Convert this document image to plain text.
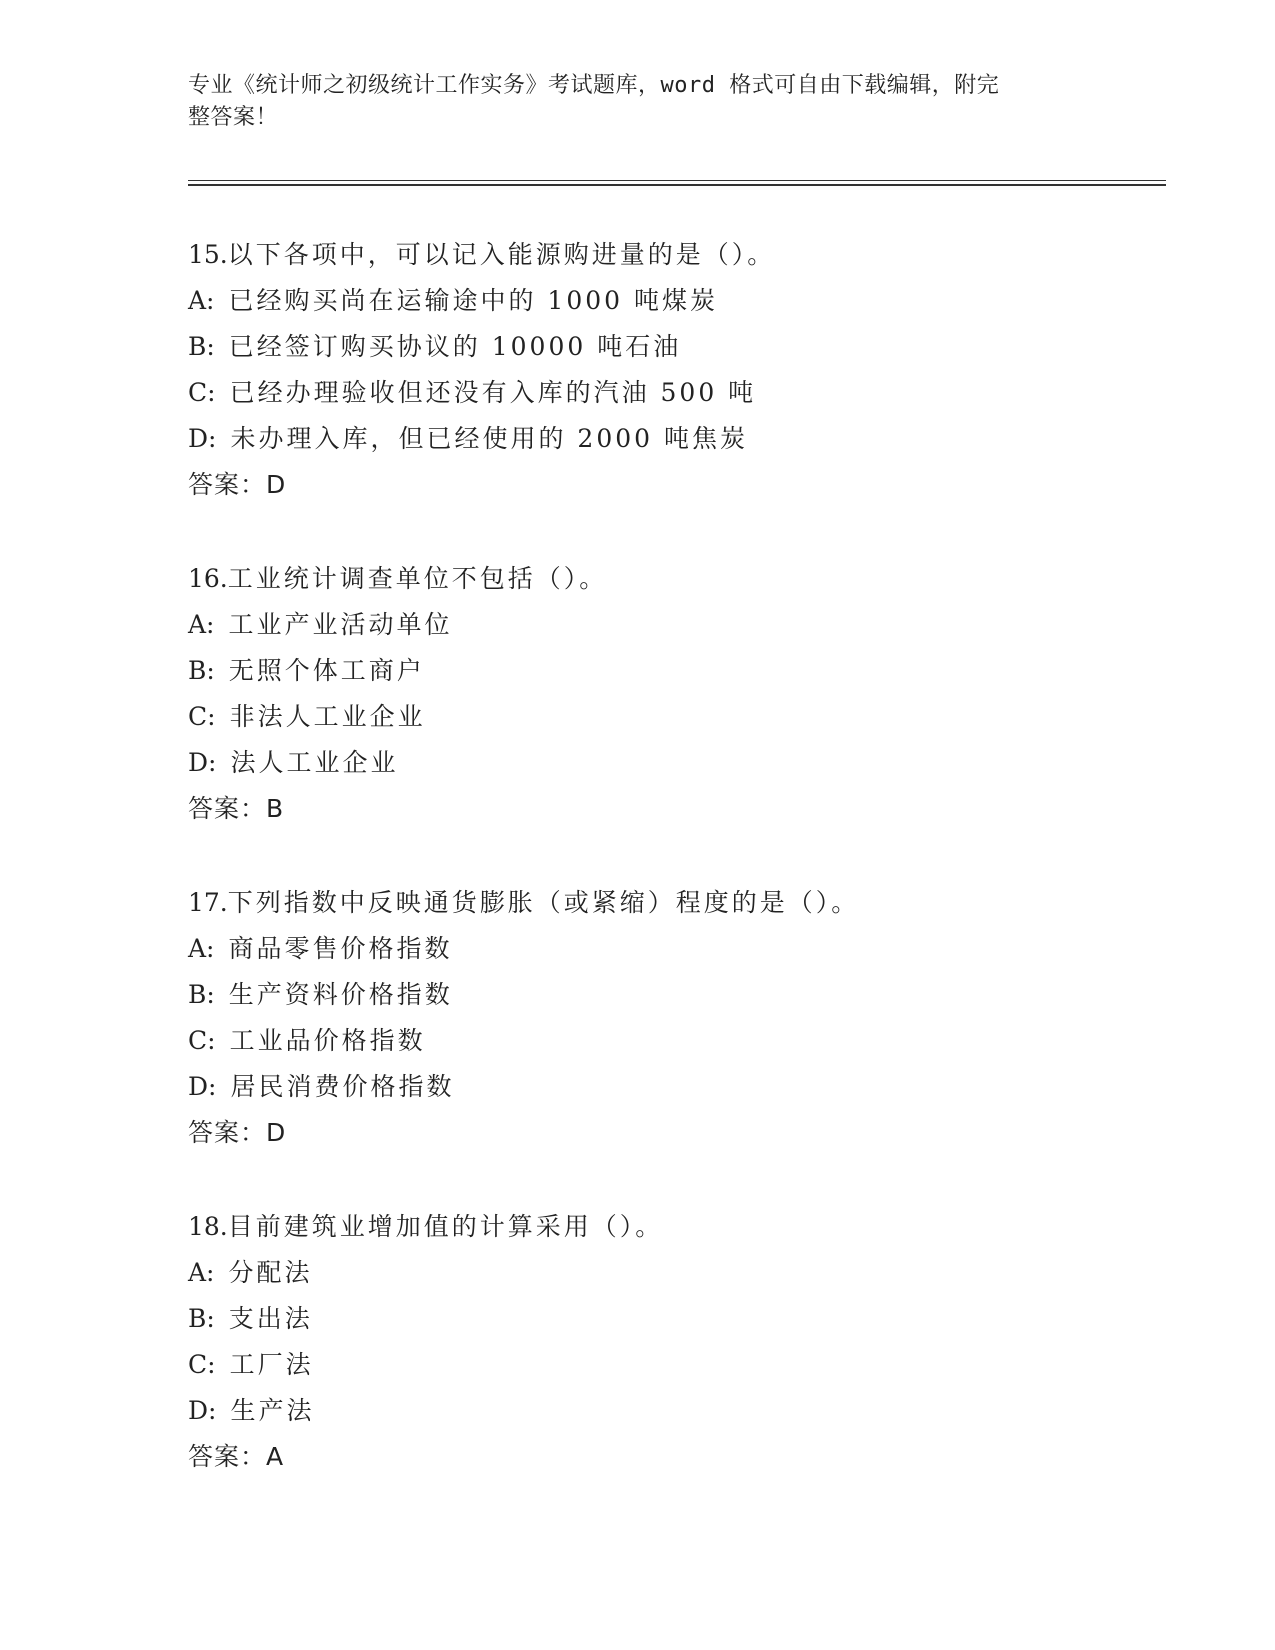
专业《统计师之初级统计工作实务》考试题库，word 格式可自由下载编辑，附完
整答案！
15.以下各项中，可以记入能源购进量的是（）。
A: 已经购买尚在运输途中的 1000 吨煤炭
B: 已经签订购买协议的 10000 吨石油
C: 已经办理验收但还没有入库的汽油 500 吨
D: 未办理入库，但已经使用的 2000 吨焦炭
答案：D
16.工业统计调查单位不包括（）。
A: 工业产业活动单位
B: 无照个体工商户
C: 非法人工业企业
D: 法人工业企业
答案：B
17.下列指数中反映通货膨胀（或紧缩）程度的是（）。
A: 商品零售价格指数
B: 生产资料价格指数
C: 工业品价格指数
D: 居民消费价格指数
答案：D
18.目前建筑业增加值的计算采用（）。
A: 分配法
B: 支出法
C: 工厂法
D: 生产法
答案：A
